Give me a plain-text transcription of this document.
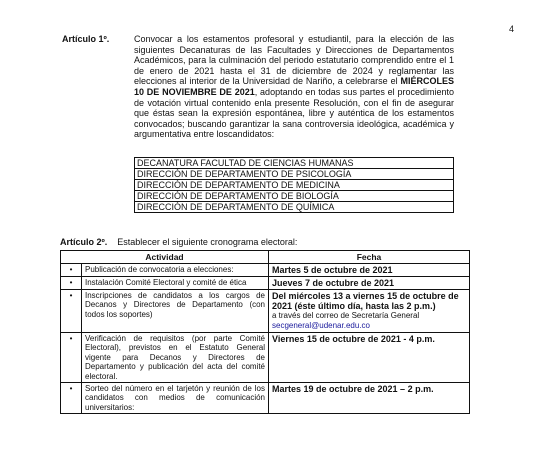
4
Artículo 1º.	Convocar a los estamentos profesoral y estudiantil, para la elección de las siguientes Decanaturas de las Facultades y Direcciones de Departamentos Académicos, para la culminación del periodo estatutario comprendido entre el 1 de enero de 2021 hasta el 31 de diciembre de 2024 y reglamentar las elecciones al interior de la Universidad de Nariño, a celebrarse el MIÉRCOLES 10 DE NOVIEMBRE DE 2021, adoptando en todas sus partes el procedimiento de votación virtual contenido enla presente Resolución, con el fin de asegurar que éstas sean la expresión espontánea, libre y auténtica de los estamentos convocados; buscando garantizar la sana controversia ideológica, académica y argumentativa entre loscandidatos:
DECANATURA FACULTAD DE CIENCIAS HUMANAS
DIRECCIÓN DE DEPARTAMENTO DE PSICOLOGÍA
DIRECCIÓN DE DEPARTAMENTO DE MEDICINA
DIRECCIÓN DE DEPARTAMENTO DE BIOLOGÍA
DIRECCIÓN DE DEPARTAMENTO DE QUÍMICA
Artículo 2º. Establecer el siguiente cronograma electoral:
Actividad		Fecha
•	Publicación de convocatoria a elecciones:	Martes 5 de octubre de 2021
•	Instalación Comité Electoral y comité de ética	Jueves 7 de octubre de 2021
•	Inscripciones de candidatos a los cargos de Decanos y Directores de Departamento (con todos los soportes)	Del miércoles 13 a viernes 15 de octubre de 2021 (éste último día, hasta las 2 p.m.)
a través del correo de Secretaría General
secgeneral@udenar.edu.co

•	Verificación de requisitos (por parte Comité Electoral), previstos en el Estatuto General vigente para Decanos y Directores de Departamento y publicación del acta del comité electoral.	Viernes 15 de octubre de 2021 - 4 p.m.
•	Sorteo del número en el tarjetón y reunión de los candidatos con medios de comunicación universitarios:	Martes 19 de octubre de 2021 – 2 p.m.
